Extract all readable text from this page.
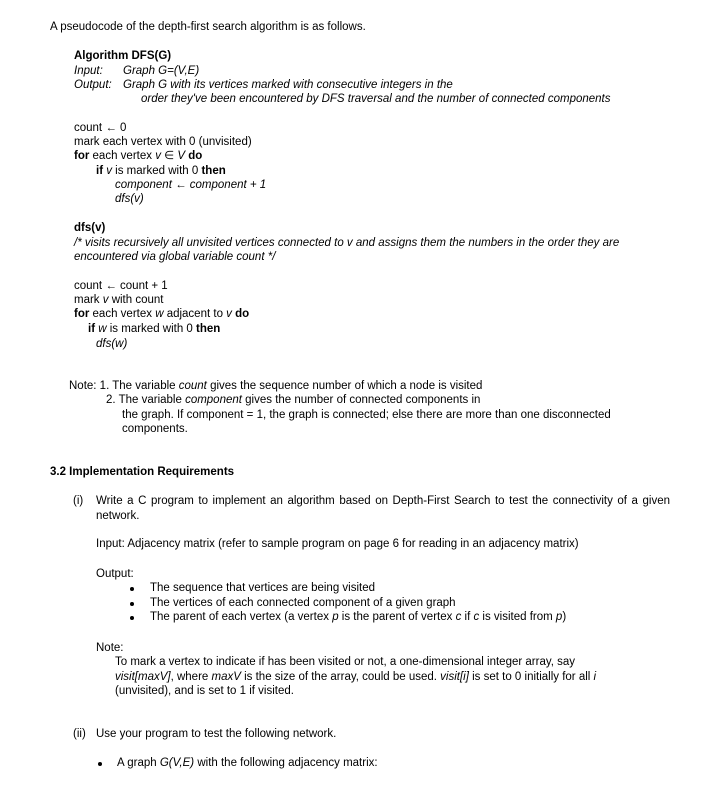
A pseudocode of the depth-first search algorithm is as follows.
Algorithm DFS(G)
Input: Graph G=(V,E)
Output: Graph G with its vertices marked with consecutive integers in the
order they've been encountered by DFS traversal and the number of connected components
count ← 0
mark each vertex with 0 (unvisited)
for each vertex v ∈ V do
if v is marked with 0 then
component ← component + 1
dfs(v)
dfs(v)
/* visits recursively all unvisited vertices connected to v and assigns them the numbers in the order they are
encountered via global variable count */
count ← count + 1
mark v with count
for each vertex w adjacent to v do
if w is marked with 0 then
dfs(w)
Note: 1. The variable count gives the sequence number of which a node is visited
2. The variable component gives the number of connected components in
the graph. If component = 1, the graph is connected; else there are more than one disconnected
components.
3.2 Implementation Requirements
(i) Write a C program to implement an algorithm based on Depth-First Search to test the connectivity of a given network.
Input: Adjacency matrix (refer to sample program on page 6 for reading in an adjacency matrix)
Output:
The sequence that vertices are being visited
The vertices of each connected component of a given graph
The parent of each vertex (a vertex p is the parent of vertex c if c is visited from p)
Note:
To mark a vertex to indicate if has been visited or not, a one-dimensional integer array, say
visit[maxV], where maxV is the size of the array, could be used. visit[i] is set to 0 initially for all i
(unvisited), and is set to 1 if visited.
(ii) Use your program to test the following network.
A graph G(V,E) with the following adjacency matrix:
